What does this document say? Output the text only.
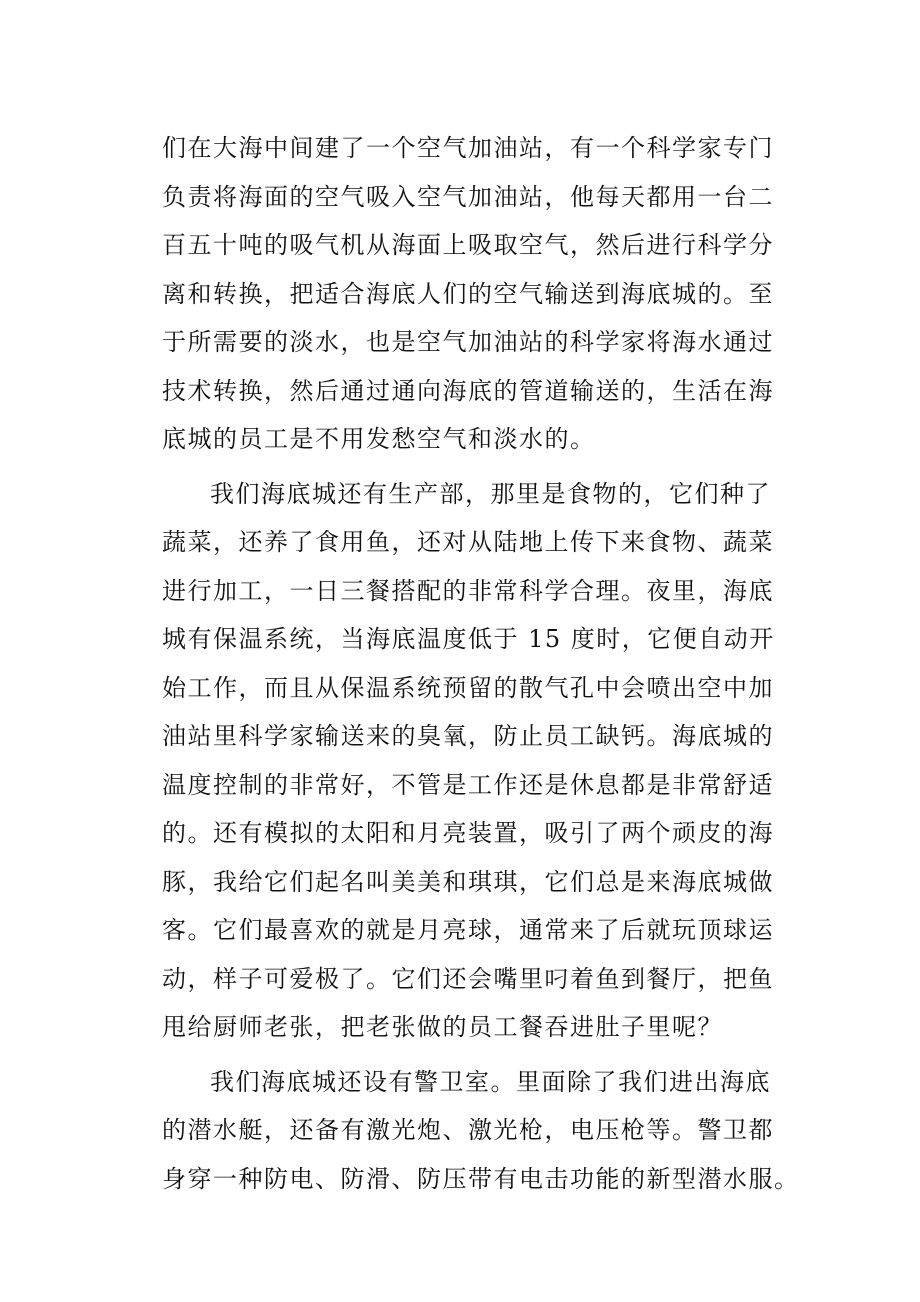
们在大海中间建了一个空气加油站，有一个科学家专门
负责将海面的空气吸入空气加油站，他每天都用一台二
百五十吨的吸气机从海面上吸取空气，然后进行科学分
离和转换，把适合海底人们的空气输送到海底城的。至
于所需要的淡水，也是空气加油站的科学家将海水通过
技术转换，然后通过通向海底的管道输送的，生活在海
底城的员工是不用发愁空气和淡水的。
我们海底城还有生产部，那里是食物的，它们种了
蔬菜，还养了食用鱼，还对从陆地上传下来食物、蔬菜
进行加工，一日三餐搭配的非常科学合理。夜里，海底
城有保温系统，当海底温度低于 15 度时，它便自动开
始工作，而且从保温系统预留的散气孔中会喷出空中加
油站里科学家输送来的臭氧，防止员工缺钙。海底城的
温度控制的非常好，不管是工作还是休息都是非常舒适
的。还有模拟的太阳和月亮装置，吸引了两个顽皮的海
豚，我给它们起名叫美美和琪琪，它们总是来海底城做
客。它们最喜欢的就是月亮球，通常来了后就玩顶球运
动，样子可爱极了。它们还会嘴里叼着鱼到餐厅，把鱼
甩给厨师老张，把老张做的员工餐吞进肚子里呢？
我们海底城还设有警卫室。里面除了我们进出海底
的潜水艇，还备有激光炮、激光枪，电压枪等。警卫都
身穿一种防电、防滑、防压带有电击功能的新型潜水服。
